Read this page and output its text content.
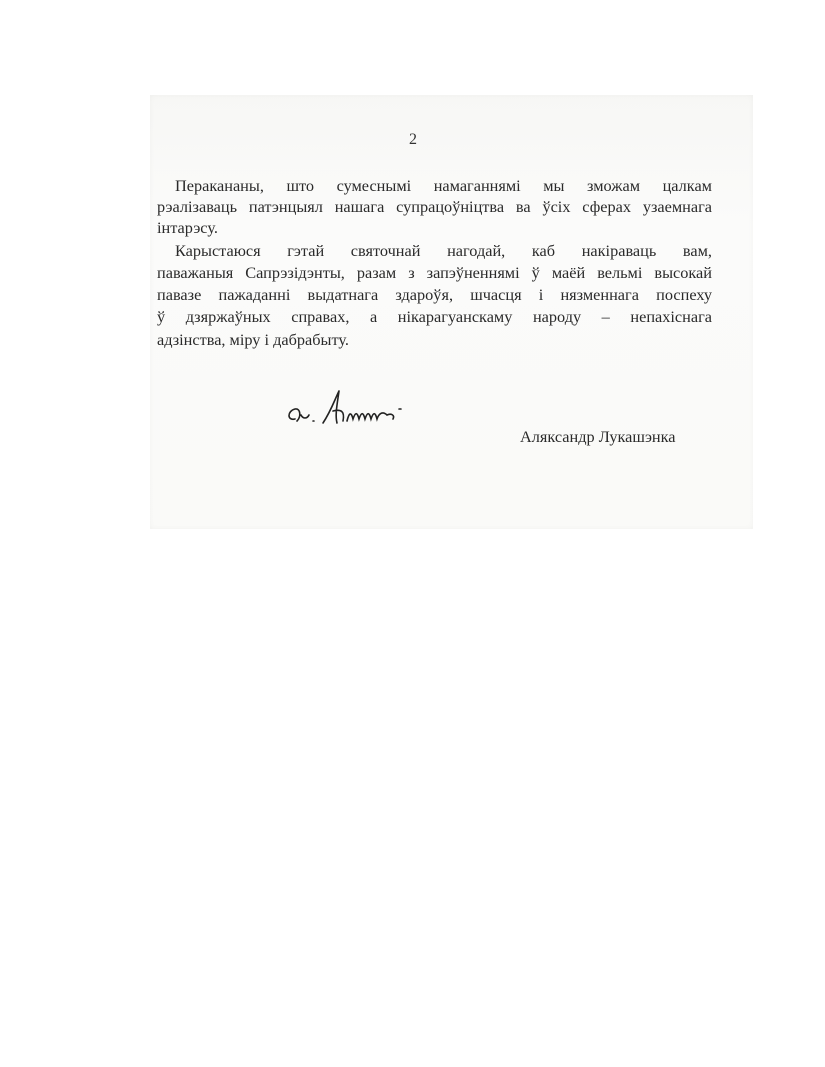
2
Перакананы, што сумеснымі намаганнямі мы зможам цалкам
рэалізаваць патэнцыял нашага супрацоўніцтва ва ўсіх сферах узаемнага
інтарэсу.
Карыстаюся гэтай святочнай нагодай, каб накіраваць вам,
паважаныя Сапрэзідэнты, разам з запэўненнямі ў маёй вельмі высокай
павазе пажаданні выдатнага здароўя, шчасця і нязменнага поспеху
ў дзяржаўных справах, а нікарагуанскаму народу – непахіснага
адзінства, міру і дабрабыту.
Аляксандр Лукашэнка
